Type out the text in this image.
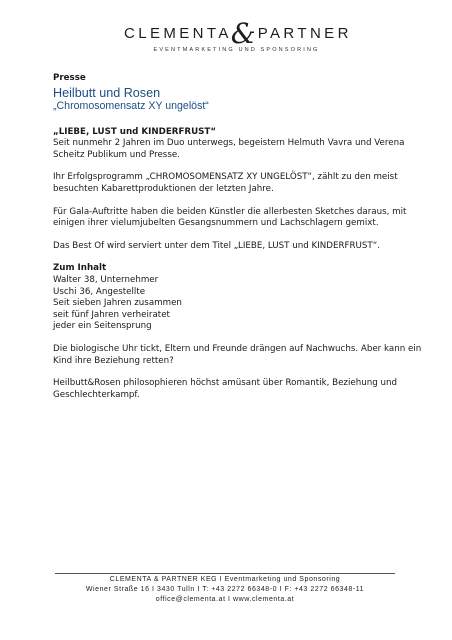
CLEMENTA& PARTNER
EVENTMARKETING UND SPONSORING
Presse
Heilbutt und Rosen
„Chromosomensatz XY ungelöst“
„LIEBE, LUST und KINDERFRUST“

Seit nunmehr 2 Jahren im Duo unterwegs, begeistern Helmuth Vavra und Verena Scheitz Publikum und Presse.

Ihr Erfolgsprogramm „CHROMOSOMENSATZ XY UNGELÖST“, zählt zu den meist besuchten Kabarettproduktionen der letzten Jahre.

Für Gala-Auftritte haben die beiden Künstler die allerbesten Sketches daraus, mit einigen ihrer vielumjubelten Gesangsnummern und Lachschlagern gemixt.

Das Best Of wird serviert unter dem Titel „LIEBE, LUST und KINDERFRUST“.

Zum Inhalt
Walter 38, Unternehmer
Uschi 36, Angestellte
Seit sieben Jahren zusammen
seit fünf Jahren verheiratet
jeder ein Seitensprung

Die biologische Uhr tickt, Eltern und Freunde drängen auf Nachwuchs. Aber kann ein Kind ihre Beziehung retten?

Heilbutt&Rosen philosophieren höchst amüsant über Romantik, Beziehung und Geschlechterkampf.

CLEMENTA & PARTNER KEG I Eventmarketing und Sponsoring
Wiener Straße 16 I 3430 Tulln I T: +43 2272 66348-0 I F: +43 2272 66348-11
office@clementa.at I www.clementa.at
